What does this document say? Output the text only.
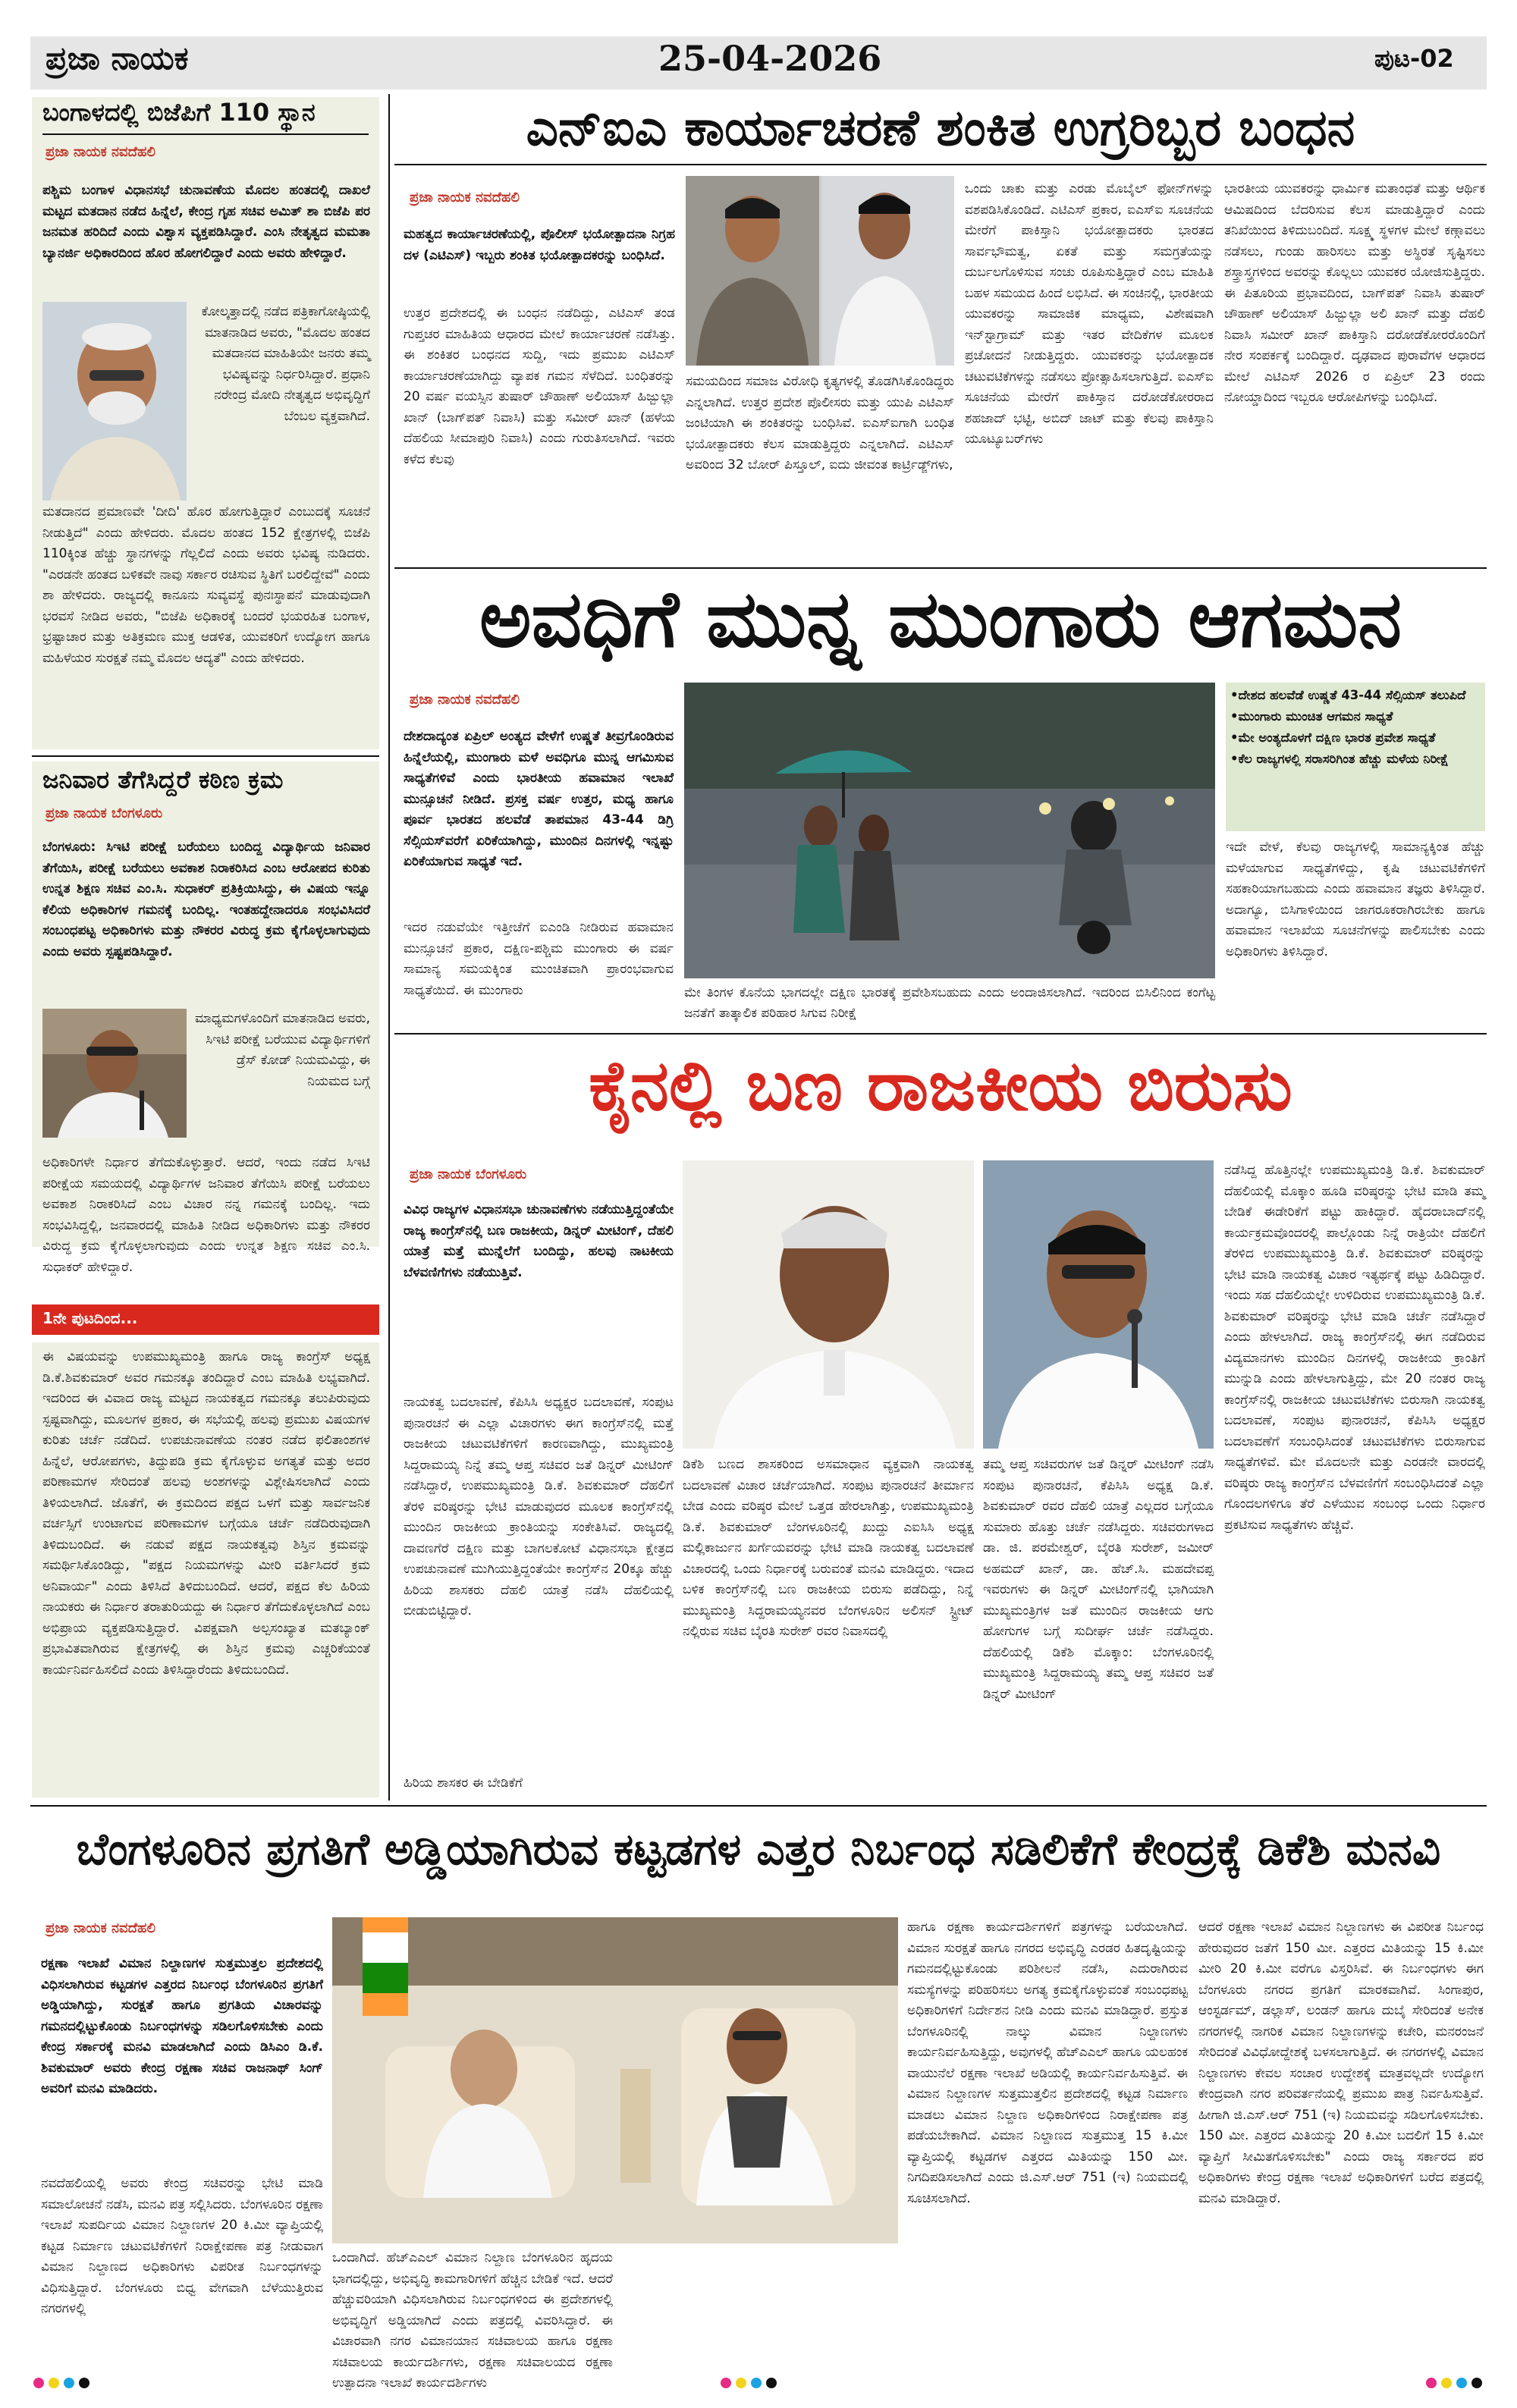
ಪ್ರಜಾ ನಾಯಕ	25-04-2026	ಪುಟ-02
ಬಂಗಾಳದಲ್ಲಿ ಬಿಜೆಪಿಗೆ 110 ಸ್ಥಾನ
ಪ್ರಜಾ ನಾಯಕ ನವದೆಹಲಿ
ಪಶ್ಚಿಮ ಬಂಗಾಳ ವಿಧಾನಸಭೆ ಚುನಾವಣೆಯ ಮೊದಲ ಹಂತದಲ್ಲಿ ದಾಖಲೆ ಮಟ್ಟದ ಮತದಾನ ನಡೆದ ಹಿನ್ನೆಲೆ, ಕೇಂದ್ರ ಗೃಹ ಸಚಿವ ಅಮಿತ್ ಶಾ ಬಿಜೆಪಿ ಪರ ಜನಮತ ಹರಿದಿದೆ ಎಂದು ವಿಶ್ವಾಸ ವ್ಯಕ್ತಪಡಿಸಿದ್ದಾರೆ. ಎಂಸಿ ನೇತೃತ್ವದ ಮಮತಾ ಬ್ಯಾನರ್ಜಿ ಅಧಿಕಾರದಿಂದ ಹೊರ ಹೋಗಲಿದ್ದಾರೆ ಎಂದು ಅವರು ಹೇಳಿದ್ದಾರೆ.
ಕೋಲ್ಕತ್ತಾದಲ್ಲಿ ನಡೆದ ಪತ್ರಿಕಾಗೋಷ್ಠಿಯಲ್ಲಿ ಮಾತನಾಡಿದ ಅವರು, "ಮೊದಲ ಹಂತದ ಮತದಾನದ ಮಾಹಿತಿಯೇ ಜನರು ತಮ್ಮ ಭವಿಷ್ಯವನ್ನು ನಿರ್ಧರಿಸಿದ್ದಾರೆ. ಪ್ರಧಾನಿ ನರೇಂದ್ರ ಮೋದಿ ನೇತೃತ್ವದ ಅಭಿವೃದ್ಧಿಗೆ ಬೆಂಬಲ ವ್ಯಕ್ತವಾಗಿದೆ.
ಮತದಾನದ ಪ್ರಮಾಣವೇ 'ದೀದಿ' ಹೊರ ಹೋಗುತ್ತಿದ್ದಾರೆ ಎಂಬುದಕ್ಕೆ ಸೂಚನೆ ನೀಡುತ್ತಿದೆ" ಎಂದು ಹೇಳಿದರು. ಮೊದಲ ಹಂತದ 152 ಕ್ಷೇತ್ರಗಳಲ್ಲಿ ಬಿಜೆಪಿ 110ಕ್ಕಿಂತ ಹೆಚ್ಚು ಸ್ಥಾನಗಳನ್ನು ಗೆಲ್ಲಲಿದೆ ಎಂದು ಅವರು ಭವಿಷ್ಯ ನುಡಿದರು. "ಎರಡನೇ ಹಂತದ ಬಳಿಕವೇ ನಾವು ಸರ್ಕಾರ ರಚಿಸುವ ಸ್ಥಿತಿಗೆ ಬರಲಿದ್ದೇವೆ" ಎಂದು ಶಾ ಹೇಳಿದರು. ರಾಜ್ಯದಲ್ಲಿ ಕಾನೂನು ಸುವ್ಯವಸ್ಥೆ ಪುನಃಸ್ಥಾಪನೆ ಮಾಡುವುದಾಗಿ ಭರವಸೆ ನೀಡಿದ ಅವರು, "ಬಿಜೆಪಿ ಅಧಿಕಾರಕ್ಕೆ ಬಂದರೆ ಭಯರಹಿತ ಬಂಗಾಳ, ಭ್ರಷ್ಟಾಚಾರ ಮತ್ತು ಅತಿಕ್ರಮಣ ಮುಕ್ತ ಆಡಳಿತ, ಯುವಕರಿಗೆ ಉದ್ಯೋಗ ಹಾಗೂ ಮಹಿಳೆಯರ ಸುರಕ್ಷತೆ ನಮ್ಮ ಮೊದಲ ಆದ್ಯತೆ" ಎಂದು ಹೇಳಿದರು.
ಜನಿವಾರ ತೆಗೆಸಿದ್ದರೆ ಕಠಿಣ ಕ್ರಮ
ಪ್ರಜಾ ನಾಯಕ ಬೆಂಗಳೂರು
ಬೆಂಗಳೂರು: ಸಿಇಟಿ ಪರೀಕ್ಷೆ ಬರೆಯಲು ಬಂದಿದ್ದ ವಿದ್ಯಾರ್ಥಿಯ ಜನಿವಾರ ತೆಗೆಯಿಸಿ, ಪರೀಕ್ಷೆ ಬರೆಯಲು ಅವಕಾಶ ನಿರಾಕರಿಸಿದ ಎಂಬ ಆರೋಪದ ಕುರಿತು ಉನ್ನತ ಶಿಕ್ಷಣ ಸಚಿವ ಎಂ.ಸಿ. ಸುಧಾಕರ್ ಪ್ರತಿಕ್ರಿಯಿಸಿದ್ದು, ಈ ವಿಷಯ ಇನ್ನೂ ಕೆಲಿಯ ಅಧಿಕಾರಿಗಳ ಗಮನಕ್ಕೆ ಬಂದಿಲ್ಲ. ಇಂತಹದ್ದೇನಾದರೂ ಸಂಭವಿಸಿದರೆ ಸಂಬಂಧಪಟ್ಟ ಅಧಿಕಾರಿಗಳು ಮತ್ತು ನೌಕರರ ವಿರುದ್ಧ ಕ್ರಮ ಕೈಗೊಳ್ಳಲಾಗುವುದು ಎಂದು ಅವರು ಸ್ಪಷ್ಟಪಡಿಸಿದ್ದಾರೆ.
ಮಾಧ್ಯಮಗಳೊಂದಿಗೆ ಮಾತನಾಡಿದ ಅವರು, ಸಿಇಟಿ ಪರೀಕ್ಷೆ ಬರೆಯುವ ವಿದ್ಯಾರ್ಥಿಗಳಿಗೆ ಡ್ರೆಸ್ ಕೋಡ್ ನಿಯಮವಿದ್ದು, ಈ ನಿಯಮದ ಬಗ್ಗೆ
ಅಧಿಕಾರಿಗಳೇ ನಿರ್ಧಾರ ತೆಗೆದುಕೊಳ್ಳುತ್ತಾರೆ. ಆದರೆ, ಇಂದು ನಡೆದ ಸಿಇಟಿ ಪರೀಕ್ಷೆಯ ಸಮಯದಲ್ಲಿ ವಿದ್ಯಾರ್ಥಿಗಳ ಜನಿವಾರ ತೆಗೆಯಿಸಿ ಪರೀಕ್ಷೆ ಬರೆಯಲು ಅವಕಾಶ ನಿರಾಕರಿಸಿದೆ ಎಂಬ ವಿಚಾರ ನನ್ನ ಗಮನಕ್ಕೆ ಬಂದಿಲ್ಲ. ಇದು ಸಂಭವಿಸಿದ್ದಲ್ಲಿ, ಜನವಾರದಲ್ಲಿ ಮಾಹಿತಿ ನೀಡಿದ ಅಧಿಕಾರಿಗಳು ಮತ್ತು ನೌಕರರ ವಿರುದ್ಧ ಕ್ರಮ ಕೈಗೊಳ್ಳಲಾಗುವುದು ಎಂದು ಉನ್ನತ ಶಿಕ್ಷಣ ಸಚಿವ ಎಂ.ಸಿ. ಸುಧಾಕರ್ ಹೇಳಿದ್ದಾರೆ.
1ನೇ ಪುಟದಿಂದ...
ಈ ವಿಷಯವನ್ನು ಉಪಮುಖ್ಯಮಂತ್ರಿ ಹಾಗೂ ರಾಜ್ಯ ಕಾಂಗ್ರೆಸ್ ಅಧ್ಯಕ್ಷ ಡಿ.ಕೆ.ಶಿವಕುಮಾರ್ ಅವರ ಗಮನಕ್ಕೂ ತಂದಿದ್ದಾರೆ ಎಂಬ ಮಾಹಿತಿ ಲಭ್ಯವಾಗಿದೆ. ಇದರಿಂದ ಈ ವಿವಾದ ರಾಜ್ಯ ಮಟ್ಟದ ನಾಯಕತ್ವದ ಗಮನಕ್ಕೂ ತಲುಪಿರುವುದು ಸ್ಪಷ್ಟವಾಗಿದ್ದು, ಮೂಲಗಳ ಪ್ರಕಾರ, ಈ ಸಭೆಯಲ್ಲಿ ಹಲವು ಪ್ರಮುಖ ವಿಷಯಗಳ ಕುರಿತು ಚರ್ಚೆ ನಡೆದಿದೆ. ಉಪಚುನಾವಣೆಯ ನಂತರ ನಡೆದ ಫಲಿತಾಂಶಗಳ ಹಿನ್ನೆಲೆ, ಆರೋಪಗಳು, ತಿದ್ದುಪಡಿ ಕ್ರಮ ಕೈಗೊಳ್ಳುವ ಅಗತ್ಯತೆ ಮತ್ತು ಅದರ ಪರಿಣಾಮಗಳ ಸೇರಿದಂತೆ ಹಲವು ಅಂಶಗಳನ್ನು ವಿಶ್ಲೇಷಿಸಲಾಗಿದೆ ಎಂದು ತಿಳಿಯಲಾಗಿದೆ. ಜೊತೆಗೆ, ಈ ಕ್ರಮದಿಂದ ಪಕ್ಷದ ಒಳಗೆ ಮತ್ತು ಸಾರ್ವಜನಿಕ ವರ್ಚಸ್ಸಿಗೆ ಉಂಟಾಗುವ ಪರಿಣಾಮಗಳ ಬಗ್ಗೆಯೂ ಚರ್ಚೆ ನಡೆದಿರುವುದಾಗಿ ತಿಳಿದುಬಂದಿದೆ. ಈ ನಡುವೆ ಪಕ್ಷದ ನಾಯಕತ್ವವು ಶಿಸ್ತಿನ ಕ್ರಮವನ್ನು ಸಮರ್ಥಿಸಿಕೊಂಡಿದ್ದು, "ಪಕ್ಷದ ನಿಯಮಗಳನ್ನು ಮೀರಿ ವರ್ತಿಸಿದರೆ ಕ್ರಮ ಅನಿವಾರ್ಯ" ಎಂದು ತಿಳಿಸಿದೆ ತಿಳಿದುಬಂದಿದೆ. ಆದರೆ, ಪಕ್ಷದ ಕೆಲ ಹಿರಿಯ ನಾಯಕರು ಈ ನಿರ್ಧಾರ ತರಾತುರಿಯದ್ದು ಈ ನಿರ್ಧಾರ ತೆಗೆದುಕೊಳ್ಳಲಾಗಿದೆ ಎಂಬ ಅಭಿಪ್ರಾಯ ವ್ಯಕ್ತಪಡಿಸುತ್ತಿದ್ದಾರೆ. ವಿಪಕ್ಷವಾಗಿ ಅಲ್ಪಸಂಖ್ಯಾತ ಮತಬ್ಯಾಂಕ್ ಪ್ರಭಾವಿತವಾಗಿರುವ ಕ್ಷೇತ್ರಗಳಲ್ಲಿ ಈ ಶಿಸ್ತಿನ ಕ್ರಮವು ಎಚ್ಚರಿಕೆಯಂತೆ ಕಾರ್ಯನಿರ್ವಹಿಸಲಿದೆ ಎಂದು ತಿಳಿಸಿದ್ದಾರೆಂದು ತಿಳಿದುಬಂದಿದೆ.
ಎನ್‌ಐಎ ಕಾರ್ಯಾಚರಣೆ ಶಂಕಿತ ಉಗ್ರರಿಬ್ಬರ ಬಂಧನ
ಪ್ರಜಾ ನಾಯಕ ನವದೆಹಲಿ
ಮಹತ್ವದ ಕಾರ್ಯಾಚರಣೆಯಲ್ಲಿ, ಪೊಲೀಸ್ ಭಯೋತ್ಪಾದನಾ ನಿಗ್ರಹ ದಳ (ಎಟಿಎಸ್) ಇಬ್ಬರು ಶಂಕಿತ ಭಯೋತ್ಪಾದಕರನ್ನು ಬಂಧಿಸಿದೆ.
ಉತ್ತರ ಪ್ರದೇಶದಲ್ಲಿ ಈ ಬಂಧನ ನಡೆದಿದ್ದು, ಎಟಿಎಸ್ ತಂಡ ಗುಪ್ತಚರ ಮಾಹಿತಿಯ ಆಧಾರದ ಮೇಲೆ ಕಾರ್ಯಾಚರಣೆ ನಡೆಸಿತ್ತು. ಈ ಶಂಕಿತರ ಬಂಧನದ ಸುದ್ದಿ, ಇದು ಪ್ರಮುಖ ಎಟಿಎಸ್ ಕಾರ್ಯಾಚರಣೆಯಾಗಿದ್ದು ವ್ಯಾಪಕ ಗಮನ ಸೆಳೆದಿದೆ. ಬಂಧಿತರನ್ನು 20 ವರ್ಷ ವಯಸ್ಸಿನ ತುಷಾರ್ ಚೌಹಾಣ್ ಅಲಿಯಾಸ್ ಹಿಜ್ಬುಲ್ಲಾ ಖಾನ್ (ಬಾಗ್‌ಪತ್ ನಿವಾಸಿ) ಮತ್ತು ಸಮೀರ್ ಖಾನ್ (ಹಳೆಯ ದೆಹಲಿಯ ಸೀಮಾಪುರಿ ನಿವಾಸಿ) ಎಂದು ಗುರುತಿಸಲಾಗಿದೆ. ಇವರು ಕಳೆದ ಕೆಲವು
ಸಮಯದಿಂದ ಸಮಾಜ ವಿರೋಧಿ ಕೃತ್ಯಗಳಲ್ಲಿ ತೊಡಗಿಸಿಕೊಂಡಿದ್ದರು ಎನ್ನಲಾಗಿದೆ. ಉತ್ತರ ಪ್ರದೇಶ ಪೊಲೀಸರು ಮತ್ತು ಯುಪಿ ಎಟಿಎಸ್ ಜಂಟಿಯಾಗಿ ಈ ಶಂಕಿತರನ್ನು ಬಂಧಿಸಿವೆ. ಐಎಸ್‌ಐಗಾಗಿ ಬಂಧಿತ ಭಯೋತ್ಪಾದಕರು ಕೆಲಸ ಮಾಡುತ್ತಿದ್ದರು ಎನ್ನಲಾಗಿದೆ. ಎಟಿಎಸ್ ಅವರಿಂದ 32 ಬೋರ್ ಪಿಸ್ತೂಲ್, ಐದು ಜೀವಂತ ಕಾರ್ಟ್ರಿಡ್ಜ್‌ಗಳು,
ಒಂದು ಚಾಕು ಮತ್ತು ಎರಡು ಮೊಬೈಲ್ ಫೋನ್‌ಗಳನ್ನು ವಶಪಡಿಸಿಕೊಂಡಿದೆ. ಎಟಿಎಸ್ ಪ್ರಕಾರ, ಐಎಸ್‌ಐ ಸೂಚನೆಯ ಮೇರೆಗೆ ಪಾಕಿಸ್ತಾನಿ ಭಯೋತ್ಪಾದಕರು ಭಾರತದ ಸಾರ್ವಭೌಮತ್ವ, ಏಕತೆ ಮತ್ತು ಸಮಗ್ರತೆಯನ್ನು ದುರ್ಬಲಗೊಳಿಸುವ ಸಂಚು ರೂಪಿಸುತ್ತಿದ್ದಾರೆ ಎಂಬ ಮಾಹಿತಿ ಬಹಳ ಸಮಯದ ಹಿಂದೆ ಲಭಿಸಿದೆ. ಈ ಸಂಚಿನಲ್ಲಿ, ಭಾರತೀಯ ಯುವಕರನ್ನು ಸಾಮಾಜಿಕ ಮಾಧ್ಯಮ, ವಿಶೇಷವಾಗಿ ಇನ್‌ಸ್ಟಾಗ್ರಾಮ್ ಮತ್ತು ಇತರ ವೇದಿಕೆಗಳ ಮೂಲಕ ಪ್ರಚೋದನೆ ನೀಡುತ್ತಿದ್ದರು. ಯುವಕರನ್ನು ಭಯೋತ್ಪಾದಕ ಚಟುವಟಿಕೆಗಳನ್ನು ನಡೆಸಲು ಪ್ರೋತ್ಸಾಹಿಸಲಾಗುತ್ತಿದೆ. ಐಎಸ್‌ಐ ಸೂಚನೆಯ ಮೇರೆಗೆ ಪಾಕಿಸ್ತಾನ ದರೋಡೆಕೋರರಾದ ಶಹಜಾದ್ ಭಟ್ಟಿ, ಅಬಿದ್ ಜಾಟ್ ಮತ್ತು ಕೆಲವು ಪಾಕಿಸ್ತಾನಿ ಯೂಟ್ಯೂಬರ್‌ಗಳು
ಭಾರತೀಯ ಯುವಕರನ್ನು ಧಾರ್ಮಿಕ ಮತಾಂಧತೆ ಮತ್ತು ಆರ್ಥಿಕ ಆಮಿಷದಿಂದ ಬೆದರಿಸುವ ಕೆಲಸ ಮಾಡುತ್ತಿದ್ದಾರೆ ಎಂದು ತನಿಖೆಯಿಂದ ತಿಳಿದುಬಂದಿದೆ. ಸೂಕ್ಷ್ಮ ಸ್ಥಳಗಳ ಮೇಲೆ ಕಣ್ಗಾವಲು ನಡೆಸಲು, ಗುಂಡು ಹಾರಿಸಲು ಮತ್ತು ಅಸ್ಥಿರತೆ ಸೃಷ್ಟಿಸಲು ಶಸ್ತ್ರಾಸ್ತ್ರಗಳಿಂದ ಅವರನ್ನು ಕೊಲ್ಲಲು ಯುವಕರ ಯೋಜಿಸುತ್ತಿದ್ದರು. ಈ ಪಿತೂರಿಯ ಪ್ರಭಾವದಿಂದ, ಬಾಗ್‌ಪತ್ ನಿವಾಸಿ ತುಷಾರ್ ಚೌಹಾಣ್ ಅಲಿಯಾಸ್ ಹಿಜ್ಬುಲ್ಲಾ ಅಲಿ ಖಾನ್ ಮತ್ತು ದೆಹಲಿ ನಿವಾಸಿ ಸಮೀರ್ ಖಾನ್ ಪಾಕಿಸ್ತಾನಿ ದರೋಡೆಕೋರರೊಂದಿಗೆ ನೇರ ಸಂಪರ್ಕಕ್ಕೆ ಬಂದಿದ್ದಾರೆ. ದೃಢವಾದ ಪುರಾವೆಗಳ ಆಧಾರದ ಮೇಲೆ ಎಟಿಎಸ್ 2026 ರ ಏಪ್ರಿಲ್ 23 ರಂದು ನೋಯ್ಡಾದಿಂದ ಇಬ್ಬರೂ ಆರೋಪಿಗಳನ್ನು ಬಂಧಿಸಿದೆ.
ಅವಧಿಗೆ ಮುನ್ನ ಮುಂಗಾರು ಆಗಮನ
ಪ್ರಜಾ ನಾಯಕ ನವದೆಹಲಿ
ದೇಶದಾದ್ಯಂತ ಏಪ್ರಿಲ್ ಅಂತ್ಯದ ವೇಳೆಗೆ ಉಷ್ಣತೆ ತೀವ್ರಗೊಂಡಿರುವ ಹಿನ್ನೆಲೆಯಲ್ಲಿ, ಮುಂಗಾರು ಮಳೆ ಅವಧಿಗೂ ಮುನ್ನ ಆಗಮಿಸುವ ಸಾಧ್ಯತೆಗಳಿವೆ ಎಂದು ಭಾರತೀಯ ಹವಾಮಾನ ಇಲಾಖೆ ಮುನ್ಸೂಚನೆ ನೀಡಿದೆ. ಪ್ರಸಕ್ತ ವರ್ಷ ಉತ್ತರ, ಮಧ್ಯ ಹಾಗೂ ಪೂರ್ವ ಭಾರತದ ಹಲವೆಡೆ ತಾಪಮಾನ 43-44 ಡಿಗ್ರಿ ಸೆಲ್ಸಿಯಸ್‌ವರೆಗೆ ಏರಿಕೆಯಾಗಿದ್ದು, ಮುಂದಿನ ದಿನಗಳಲ್ಲಿ ಇನ್ನಷ್ಟು ಏರಿಕೆಯಾಗುವ ಸಾಧ್ಯತೆ ಇದೆ.
ಇದರ ನಡುವೆಯೇ ಇತ್ತೀಚೆಗೆ ಐಎಂಡಿ ನೀಡಿರುವ ಹವಾಮಾನ ಮುನ್ಸೂಚನೆ ಪ್ರಕಾರ, ದಕ್ಷಿಣ-ಪಶ್ಚಿಮ ಮುಂಗಾರು ಈ ವರ್ಷ ಸಾಮಾನ್ಯ ಸಮಯಕ್ಕಿಂತ ಮುಂಚಿತವಾಗಿ ಪ್ರಾರಂಭವಾಗುವ ಸಾಧ್ಯತೆಯಿದೆ. ಈ ಮುಂಗಾರು	ಮೇ ತಿಂಗಳ ಕೊನೆಯ ಭಾಗದಲ್ಲೇ ದಕ್ಷಿಣ ಭಾರತಕ್ಕೆ ಪ್ರವೇಶಿಸಬಹುದು ಎಂದು ಅಂದಾಜಿಸಲಾಗಿದೆ. ಇದರಿಂದ ಬಿಸಿಲಿನಿಂದ ಕಂಗೆಟ್ಟ ಜನತೆಗೆ ತಾತ್ಕಾಲಿಕ ಪರಿಹಾರ ಸಿಗುವ ನಿರೀಕ್ಷೆ
•ದೇಶದ ಹಲವೆಡೆ ಉಷ್ಣತೆ 43-44 ಸೆಲ್ಸಿಯಸ್ ತಲುಪಿದೆ
•ಮುಂಗಾರು ಮುಂಚಿತ ಆಗಮನ ಸಾಧ್ಯತೆ
•ಮೇ ಅಂತ್ಯದೊಳಗೆ ದಕ್ಷಿಣ ಭಾರತ ಪ್ರವೇಶ ಸಾಧ್ಯತೆ
•ಕೆಲ ರಾಜ್ಯಗಳಲ್ಲಿ ಸರಾಸರಿಗಿಂತ ಹೆಚ್ಚು ಮಳೆಯ ನಿರೀಕ್ಷೆ
ಇದೇ ವೇಳೆ, ಕೆಲವು ರಾಜ್ಯಗಳಲ್ಲಿ ಸಾಮಾನ್ಯಕ್ಕಿಂತ ಹೆಚ್ಚು ಮಳೆಯಾಗುವ ಸಾಧ್ಯತೆಗಳಿದ್ದು, ಕೃಷಿ ಚಟುವಟಿಕೆಗಳಿಗೆ ಸಹಕಾರಿಯಾಗಬಹುದು ಎಂದು ಹವಾಮಾನ ತಜ್ಞರು ತಿಳಿಸಿದ್ದಾರೆ. ಅದಾಗ್ಯೂ, ಬಿಸಿಗಾಳಿಯಿಂದ ಜಾಗರೂಕರಾಗಿರಬೇಕು ಹಾಗೂ ಹವಾಮಾನ ಇಲಾಖೆಯ ಸೂಚನೆಗಳನ್ನು ಪಾಲಿಸಬೇಕು ಎಂದು ಅಧಿಕಾರಿಗಳು ತಿಳಿಸಿದ್ದಾರೆ.
ಕೈನಲ್ಲಿ ಬಣ ರಾಜಕೀಯ ಬಿರುಸು
ಪ್ರಜಾ ನಾಯಕ ಬೆಂಗಳೂರು
ವಿವಿಧ ರಾಜ್ಯಗಳ ವಿಧಾನಸಭಾ ಚುನಾವಣೆಗಳು ನಡೆಯುತ್ತಿದ್ದಂತೆಯೇ ರಾಜ್ಯ ಕಾಂಗ್ರೆಸ್‌ನಲ್ಲಿ ಬಣ ರಾಜಕೀಯ, ಡಿನ್ನರ್ ಮೀಟಿಂಗ್, ದೆಹಲಿ ಯಾತ್ರೆ ಮತ್ತೆ ಮುನ್ನೆಲೆಗೆ ಬಂದಿದ್ದು, ಹಲವು ನಾಟಕೀಯ ಬೆಳವಣಿಗೆಗಳು ನಡೆಯುತ್ತಿವೆ.
ನಾಯಕತ್ವ ಬದಲಾವಣೆ, ಕೆಪಿಸಿಸಿ ಅಧ್ಯಕ್ಷರ ಬದಲಾವಣೆ, ಸಂಪುಟ ಪುನಾರಚನೆ ಈ ಎಲ್ಲಾ ವಿಚಾರಗಳು ಈಗ ಕಾಂಗ್ರೆಸ್‌ನಲ್ಲಿ ಮತ್ತೆ ರಾಜಕೀಯ ಚಟುವಟಿಕೆಗಳಿಗೆ ಕಾರಣವಾಗಿದ್ದು, ಮುಖ್ಯಮಂತ್ರಿ ಸಿದ್ದರಾಮಯ್ಯ ನಿನ್ನೆ ತಮ್ಮ ಆಪ್ತ ಸಚಿವರ ಜತೆ ಡಿನ್ನರ್ ಮೀಟಿಂಗ್ ನಡೆಸಿದ್ದಾರೆ, ಉಪಮುಖ್ಯಮಂತ್ರಿ ಡಿ.ಕೆ. ಶಿವಕುಮಾರ್ ದೆಹಲಿಗೆ ತೆರಳಿ ವರಿಷ್ಠರನ್ನು ಭೇಟಿ ಮಾಡುವುದರ ಮೂಲಕ ಕಾಂಗ್ರೆಸ್‌ನಲ್ಲಿ ಮುಂದಿನ ರಾಜಕೀಯ ಕ್ರಾಂತಿಯನ್ನು ಸಂಕೇತಿಸಿವೆ. ರಾಜ್ಯದಲ್ಲಿ ದಾವಣಗೆರೆ ದಕ್ಷಿಣ ಮತ್ತು ಬಾಗಲಕೋಟೆ ವಿಧಾನಸಭಾ ಕ್ಷೇತ್ರದ ಉಪಚುನಾವಣೆ ಮುಗಿಯುತ್ತಿದ್ದಂತೆಯೇ ಕಾಂಗ್ರೆಸ್‌ನ 20ಕ್ಕೂ ಹೆಚ್ಚು ಹಿರಿಯ ಶಾಸಕರು ದೆಹಲಿ ಯಾತ್ರೆ ನಡೆಸಿ ದೆಹಲಿಯಲ್ಲಿ ಬೀಡುಬಿಟ್ಟಿದ್ದಾರೆ.
ಹಿರಿಯ ಶಾಸಕರ ಈ ಬೇಡಿಕೆಗೆ
ಡಿಕೆಶಿ ಬಣದ ಶಾಸಕರಿಂದ ಅಸಮಾಧಾನ ವ್ಯಕ್ತವಾಗಿ ನಾಯಕತ್ವ ಬದಲಾವಣೆ ವಿಚಾರ ಚರ್ಚೆಯಾಗಿದೆ. ಸಂಪುಟ ಪುನಾರಚನೆ ತೀರ್ಮಾನ ಬೇಡ ಎಂದು ವರಿಷ್ಠರ ಮೇಲೆ ಒತ್ತಡ ಹೇರಲಾಗಿತ್ತು, ಉಪಮುಖ್ಯಮಂತ್ರಿ ಡಿ.ಕೆ. ಶಿವಕುಮಾರ್ ಬೆಂಗಳೂರಿನಲ್ಲಿ ಖುದ್ದು ಎಐಸಿಸಿ ಅಧ್ಯಕ್ಷ ಮಲ್ಲಿಕಾರ್ಜುನ ಖರ್ಗೆಯವರನ್ನು ಭೇಟಿ ಮಾಡಿ ನಾಯಕತ್ವ ಬದಲಾವಣೆ ವಿಚಾರದಲ್ಲಿ ಒಂದು ನಿರ್ಧಾರಕ್ಕೆ ಬರುವಂತೆ ಮನವಿ ಮಾಡಿದ್ದರು. ಇದಾದ ಬಳಿಕ ಕಾಂಗ್ರೆಸ್‌ನಲ್ಲಿ ಬಣ ರಾಜಕೀಯ ಬಿರುಸು ಪಡೆದಿದ್ದು, ನಿನ್ನೆ ಮುಖ್ಯಮಂತ್ರಿ ಸಿದ್ದರಾಮಯ್ಯನವರ ಬೆಂಗಳೂರಿನ ಅಲಿಸನ್ ಸ್ಟ್ರೀಟ್ ನಲ್ಲಿರುವ ಸಚಿವ ಬೈರತಿ ಸುರೇಶ್ ರವರ ನಿವಾಸದಲ್ಲಿ
ತಮ್ಮ ಆಪ್ತ ಸಚಿವರುಗಳ ಜತೆ ಡಿನ್ನರ್ ಮೀಟಿಂಗ್ ನಡೆಸಿ ಸಂಪುಟ ಪುನಾರಚನೆ, ಕೆಪಿಸಿಸಿ ಅಧ್ಯಕ್ಷ ಡಿ.ಕೆ. ಶಿವಕುಮಾರ್ ರವರ ದೆಹಲಿ ಯಾತ್ರೆ ಎಲ್ಲದರ ಬಗ್ಗೆಯೂ ಸುಮಾರು ಹೊತ್ತು ಚರ್ಚೆ ನಡೆಸಿದ್ದರು. ಸಚಿವರುಗಳಾದ ಡಾ. ಜಿ. ಪರಮೇಶ್ವರ್, ಬೈರತಿ ಸುರೇಶ್, ಜಮೀರ್ ಅಹಮದ್ ಖಾನ್, ಡಾ. ಹೆಚ್.ಸಿ. ಮಹದೇವಪ್ಪ ಇವರುಗಳು ಈ ಡಿನ್ನರ್ ಮೀಟಿಂಗ್‌ನಲ್ಲಿ ಭಾಗಿಯಾಗಿ ಮುಖ್ಯಮಂತ್ರಿಗಳ ಜತೆ ಮುಂದಿನ ರಾಜಕೀಯ ಆಗು ಹೋಗುಗಳ ಬಗ್ಗೆ ಸುದೀರ್ಘ ಚರ್ಚೆ ನಡೆಸಿದ್ದರು. ದೆಹಲಿಯಲ್ಲಿ ಡಿಕೆಶಿ ಮೊಕ್ಕಾಂ: ಬೆಂಗಳೂರಿನಲ್ಲಿ ಮುಖ್ಯಮಂತ್ರಿ ಸಿದ್ದರಾಮಯ್ಯ ತಮ್ಮ ಆಪ್ತ ಸಚಿವರ ಜತೆ ಡಿನ್ನರ್ ಮೀಟಿಂಗ್
ನಡೆಸಿದ್ದ ಹೊತ್ತಿನಲ್ಲೇ ಉಪಮುಖ್ಯಮಂತ್ರಿ ಡಿ.ಕೆ. ಶಿವಕುಮಾರ್ ದೆಹಲಿಯಲ್ಲಿ ಮೊಕ್ಕಾಂ ಹೂಡಿ ವರಿಷ್ಠರನ್ನು ಭೇಟಿ ಮಾಡಿ ತಮ್ಮ ಬೇಡಿಕೆ ಈಡೇರಿಕೆಗೆ ಪಟ್ಟು ಹಾಕಿದ್ದಾರೆ. ಹೈದರಾಬಾದ್‌ನಲ್ಲಿ ಕಾರ್ಯಕ್ರಮವೊಂದರಲ್ಲಿ ಪಾಲ್ಗೊಂಡು ನಿನ್ನೆ ರಾತ್ರಿಯೇ ದೆಹಲಿಗೆ ತೆರಳಿದ ಉಪಮುಖ್ಯಮಂತ್ರಿ ಡಿ.ಕೆ. ಶಿವಕುಮಾರ್ ವರಿಷ್ಠರನ್ನು ಭೇಟಿ ಮಾಡಿ ನಾಯಕತ್ವ ವಿಚಾರ ಇತ್ಯರ್ಥಕ್ಕೆ ಪಟ್ಟು ಹಿಡಿದಿದ್ದಾರೆ. ಇಂದು ಸಹ ದೆಹಲಿಯಲ್ಲೇ ಉಳಿದಿರುವ ಉಪಮುಖ್ಯಮಂತ್ರಿ ಡಿ.ಕೆ. ಶಿವಕುಮಾರ್ ವರಿಷ್ಠರನ್ನು ಭೇಟಿ ಮಾಡಿ ಚರ್ಚೆ ನಡೆಸಿದ್ದಾರೆ ಎಂದು ಹೇಳಲಾಗಿದೆ. ರಾಜ್ಯ ಕಾಂಗ್ರೆಸ್‌ನಲ್ಲಿ ಈಗ ನಡೆದಿರುವ ವಿದ್ಯಮಾನಗಳು ಮುಂದಿನ ದಿನಗಳಲ್ಲಿ ರಾಜಕೀಯ ಕ್ರಾಂತಿಗೆ ಮುನ್ನುಡಿ ಎಂದು ಹೇಳಲಾಗುತ್ತಿದ್ದು, ಮೇ 20 ನಂತರ ರಾಜ್ಯ ಕಾಂಗ್ರೆಸ್‌ನಲ್ಲಿ ರಾಜಕೀಯ ಚಟುವಟಿಕೆಗಳು ಬಿರುಸಾಗಿ ನಾಯಕತ್ವ ಬದಲಾವಣೆ, ಸಂಪುಟ ಪುನಾರಚನೆ, ಕೆಪಿಸಿಸಿ ಅಧ್ಯಕ್ಷರ ಬದಲಾವಣೆಗೆ ಸಂಬಂಧಿಸಿದಂತೆ ಚಟುವಟಿಕೆಗಳು ಬಿರುಸಾಗುವ ಸಾಧ್ಯತೆಗಳಿವೆ. ಮೇ ಮೊದಲನೇ ಮತ್ತು ಎರಡನೇ ವಾರದಲ್ಲಿ ವರಿಷ್ಠರು ರಾಜ್ಯ ಕಾಂಗ್ರೆಸ್‌ನ ಬೆಳವಣಿಗೆಗೆ ಸಂಬಂಧಿಸಿದಂತೆ ಎಲ್ಲಾ ಗೊಂದಲಗಳಿಗೂ ತೆರೆ ಎಳೆಯುವ ಸಂಬಂಧ ಒಂದು ನಿರ್ಧಾರ ಪ್ರಕಟಿಸುವ ಸಾಧ್ಯತೆಗಳು ಹೆಚ್ಚಿವೆ.
ಬೆಂಗಳೂರಿನ ಪ್ರಗತಿಗೆ ಅಡ್ಡಿಯಾಗಿರುವ ಕಟ್ಟಡಗಳ ಎತ್ತರ ನಿರ್ಬಂಧ ಸಡಿಲಿಕೆಗೆ ಕೇಂದ್ರಕ್ಕೆ ಡಿಕೆಶಿ ಮನವಿ
ಪ್ರಜಾ ನಾಯಕ ನವದೆಹಲಿ
ರಕ್ಷಣಾ ಇಲಾಖೆ ವಿಮಾನ ನಿಲ್ದಾಣಗಳ ಸುತ್ತಮುತ್ತಲ ಪ್ರದೇಶದಲ್ಲಿ ವಿಧಿಸಲಾಗಿರುವ ಕಟ್ಟಡಗಳ ಎತ್ತರದ ನಿರ್ಬಂಧ ಬೆಂಗಳೂರಿನ ಪ್ರಗತಿಗೆ ಅಡ್ಡಿಯಾಗಿದ್ದು, ಸುರಕ್ಷತೆ ಹಾಗೂ ಪ್ರಗತಿಯ ವಿಚಾರವನ್ನು ಗಮನದಲ್ಲಿಟ್ಟುಕೊಂಡು ನಿರ್ಬಂಧಗಳನ್ನು ಸಡಿಲಗೊಳಿಸಬೇಕು ಎಂದು ಕೇಂದ್ರ ಸರ್ಕಾರಕ್ಕೆ ಮನವಿ ಮಾಡಲಾಗಿದೆ ಎಂದು ಡಿಸಿಎಂ ಡಿ.ಕೆ. ಶಿವಕುಮಾರ್ ಅವರು ಕೇಂದ್ರ ರಕ್ಷಣಾ ಸಚಿವ ರಾಜನಾಥ್ ಸಿಂಗ್ ಅವರಿಗೆ ಮನವಿ ಮಾಡಿದರು.
ನವದೆಹಲಿಯಲ್ಲಿ ಅವರು ಕೇಂದ್ರ ಸಚಿವರನ್ನು ಭೇಟಿ ಮಾಡಿ ಸಮಾಲೋಚನೆ ನಡೆಸಿ, ಮನವಿ ಪತ್ರ ಸಲ್ಲಿಸಿದರು. ಬೆಂಗಳೂರಿನ ರಕ್ಷಣಾ ಇಲಾಖೆ ಸುಪರ್ದಿಯ ವಿಮಾನ ನಿಲ್ದಾಣಗಳ 20 ಕಿ.ಮೀ ವ್ಯಾಪ್ತಿಯಲ್ಲಿ ಕಟ್ಟಡ ನಿರ್ಮಾಣ ಚಟುವಟಿಕೆಗಳಿಗೆ ನಿರಾಕ್ಷೇಪಣಾ ಪತ್ರ ನೀಡುವಾಗ ವಿಮಾನ ನಿಲ್ದಾಣದ ಅಧಿಕಾರಿಗಳು ವಿಪರೀತ ನಿರ್ಬಂಧಗಳನ್ನು ವಿಧಿಸುತ್ತಿದ್ದಾರೆ. ಬೆಂಗಳೂರು ಬಿಧ್ವ ವೇಗವಾಗಿ ಬೆಳೆಯುತ್ತಿರುವ ನಗರಗಳಲ್ಲಿ
ಒಂದಾಗಿದೆ. ಹೆಚ್‌ಎಎಲ್ ವಿಮಾನ ನಿಲ್ದಾಣ ಬೆಂಗಳೂರಿನ ಹೃದಯ ಭಾಗದಲ್ಲಿದ್ದು, ಅಭಿವೃದ್ಧಿ ಕಾಮಗಾರಿಗಳಿಗೆ ಹೆಚ್ಚಿನ ಬೇಡಿಕೆ ಇದೆ. ಆದರೆ ಹೆಚ್ಚುವರಿಯಾಗಿ ವಿಧಿಸಲಾಗಿರುವ ನಿರ್ಬಂಧಗಳಿಂದ ಈ ಪ್ರದೇಶಗಳಲ್ಲಿ ಅಭಿವೃದ್ಧಿಗೆ ಅಡ್ಡಿಯಾಗಿದೆ ಎಂದು ಪತ್ರದಲ್ಲಿ ವಿವರಿಸಿದ್ದಾರೆ. ಈ ವಿಚಾರವಾಗಿ ನಗರ ವಿಮಾನಯಾನ ಸಚಿವಾಲಯ ಹಾಗೂ ರಕ್ಷಣಾ ಸಚಿವಾಲಯ ಕಾರ್ಯದರ್ಶಿಗಳು, ರಕ್ಷಣಾ ಸಚಿವಾಲಯದ ರಕ್ಷಣಾ ಉತ್ಪಾದನಾ ಇಲಾಖೆ ಕಾರ್ಯದರ್ಶಿಗಳು
ಹಾಗೂ ರಕ್ಷಣಾ ಕಾರ್ಯದರ್ಶಿಗಳಿಗೆ ಪತ್ರಗಳನ್ನು ಬರೆಯಲಾಗಿದೆ. ವಿಮಾನ ಸುರಕ್ಷತೆ ಹಾಗೂ ನಗರದ ಅಭಿವೃದ್ಧಿ ಎರಡರ ಹಿತದೃಷ್ಟಿಯನ್ನು ಗಮನದಲ್ಲಿಟ್ಟುಕೊಂಡು ಪರಿಶೀಲನೆ ನಡೆಸಿ, ಎದುರಾಗಿರುವ ಸಮಸ್ಯೆಗಳನ್ನು ಪರಿಹರಿಸಲು ಅಗತ್ಯ ಕ್ರಮಕೈಗೊಳ್ಳುವಂತೆ ಸಂಬಂಧಪಟ್ಟ ಅಧಿಕಾರಿಗಳಿಗೆ ನಿರ್ದೇಶನ ನೀಡಿ ಎಂದು ಮನವಿ ಮಾಡಿದ್ದಾರೆ. ಪ್ರಸ್ತುತ ಬೆಂಗಳೂರಿನಲ್ಲಿ ನಾಲ್ಕು ವಿಮಾನ ನಿಲ್ದಾಣಗಳು ಕಾರ್ಯನಿರ್ವಹಿಸುತ್ತಿದ್ದು, ಅವುಗಳಲ್ಲಿ ಹೆಚ್‌ಎಎಲ್ ಹಾಗೂ ಯಲಹಂಕ ವಾಯುನೆಲೆ ರಕ್ಷಣಾ ಇಲಾಖೆ ಅಡಿಯಲ್ಲಿ ಕಾರ್ಯನಿರ್ವಹಿಸುತ್ತಿವೆ. ಈ ವಿಮಾನ ನಿಲ್ದಾಣಗಳ ಸುತ್ತಮುತ್ತಲಿನ ಪ್ರದೇಶದಲ್ಲಿ ಕಟ್ಟಡ ನಿರ್ಮಾಣ ಮಾಡಲು ವಿಮಾನ ನಿಲ್ದಾಣ ಅಧಿಕಾರಿಗಳಿಂದ ನಿರಾಕ್ಷೇಪಣಾ ಪತ್ರ ಪಡೆಯಬೇಕಾಗಿದೆ. ವಿಮಾನ ನಿಲ್ದಾಣದ ಸುತ್ತಮುತ್ತ 15 ಕಿ.ಮೀ ವ್ಯಾಪ್ತಿಯಲ್ಲಿ ಕಟ್ಟಡಗಳ ಎತ್ತರದ ಮಿತಿಯನ್ನು 150 ಮೀ. ನಿಗದಿಪಡಿಸಲಾಗಿದೆ ಎಂದು ಜಿ.ಎಸ್.ಆರ್ 751 (ಇ) ನಿಯಮದಲ್ಲಿ ಸೂಚಿಸಲಾಗಿದೆ.
ಆದರೆ ರಕ್ಷಣಾ ಇಲಾಖೆ ವಿಮಾನ ನಿಲ್ದಾಣಗಳು ಈ ವಿಪರೀತ ನಿರ್ಬಂಧ ಹೇರುವುದರ ಜತೆಗೆ 150 ಮೀ. ಎತ್ತರದ ಮಿತಿಯನ್ನು 15 ಕಿ.ಮೀ ಮೀರಿ 20 ಕಿ.ಮೀ ವರೆಗೂ ವಿಸ್ತರಿಸಿವೆ. ಈ ನಿರ್ಬಂಧಗಳು ಈಗ ಬೆಂಗಳೂರು ನಗರದ ಪ್ರಗತಿಗೆ ಮಾರಕವಾಗಿವೆ. ಸಿಂಗಾಪುರ, ಆಂಸ್ಟರ್ಡಮ್, ಡಲ್ಲಾಸ್, ಲಂಡನ್ ಹಾಗೂ ದುಬೈ ಸೇರಿದಂತೆ ಅನೇಕ ನಗರಗಳಲ್ಲಿ ನಾಗರಿಕ ವಿಮಾನ ನಿಲ್ದಾಣಗಳನ್ನು ಕಚೇರಿ, ಮನರಂಜನೆ ಸೇರಿದಂತೆ ವಿವಿಧೋದ್ದೇಶಕ್ಕೆ ಬಳಸಲಾಗುತ್ತಿದೆ. ಈ ನಗರಗಳಲ್ಲಿ ವಿಮಾನ ನಿಲ್ದಾಣಗಳು ಕೇವಲ ಸಂಚಾರ ಉದ್ದೇಶಕ್ಕೆ ಮಾತ್ರವಲ್ಲದೇ ಉದ್ಯೋಗ ಕೇಂದ್ರವಾಗಿ ನಗರ ಪರಿವರ್ತನೆಯಲ್ಲಿ ಪ್ರಮುಖ ಪಾತ್ರ ನಿರ್ವಹಿಸುತ್ತಿವೆ. ಹೀಗಾಗಿ ಜಿ.ಎಸ್.ಆರ್ 751 (ಇ) ನಿಯಮವನ್ನು ಸಡಿಲಗೊಳಿಸಬೇಕು. 150 ಮೀ. ಎತ್ತರದ ಮಿತಿಯನ್ನು 20 ಕಿ.ಮೀ ಬದಲಿಗೆ 15 ಕಿ.ಮೀ ವ್ಯಾಪ್ತಿಗೆ ಸೀಮಿತಗೊಳಿಸಬೇಕು" ಎಂದು ರಾಜ್ಯ ಸರ್ಕಾರದ ಪರ ಅಧಿಕಾರಿಗಳು ಕೇಂದ್ರ ರಕ್ಷಣಾ ಇಲಾಖೆ ಅಧಿಕಾರಿಗಳಿಗೆ ಬರೆದ ಪತ್ರದಲ್ಲಿ ಮನವಿ ಮಾಡಿದ್ದಾರೆ.
